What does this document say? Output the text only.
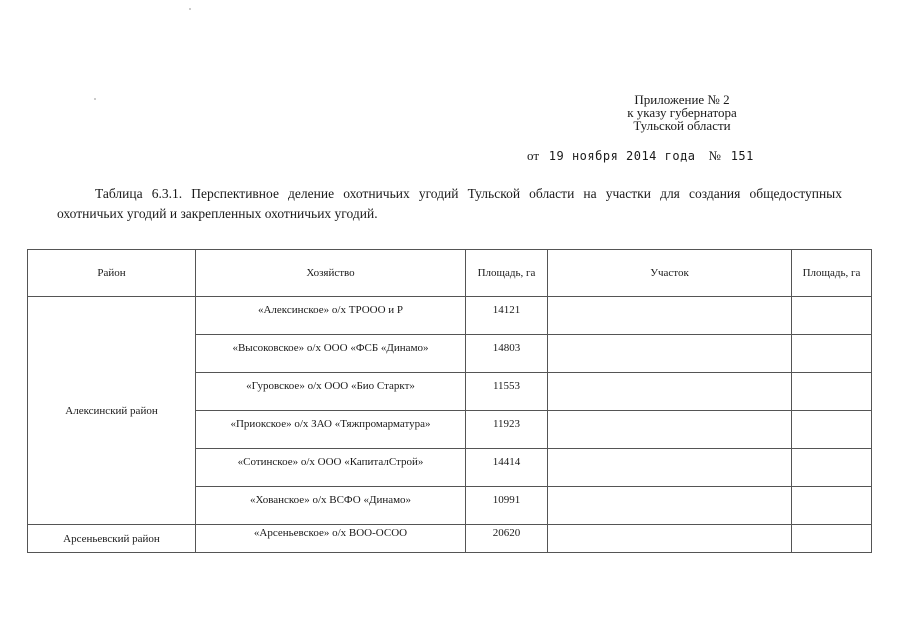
Приложение № 2
к указу губернатора
Тульской области
от 19 ноября 2014 года № 151
Таблица 6.3.1. Перспективное деление охотничьих угодий Тульской области на участки для создания общедоступных охотничьих угодий и закрепленных охотничьих угодий.
Район	Хозяйство	Площадь, га	Участок	Площадь, га
Алексинский район	«Алексинское» о/х ТРООО и Р	14121		

	«Высоковское» о/х ООО «ФСБ «Динамо»	14803		

	«Гуровское» о/х ООО «Био Старкт»	11553		

	«Приокское» о/х ЗАО «Тяжпромарматура»	11923		

	«Сотинское» о/х ООО «КапиталСтрой»	14414		

	«Хованское» о/х ВСФО «Динамо»	10991		

Арсеньевский район	«Арсеньевское» о/х ВОО-ОСОО	20620		
